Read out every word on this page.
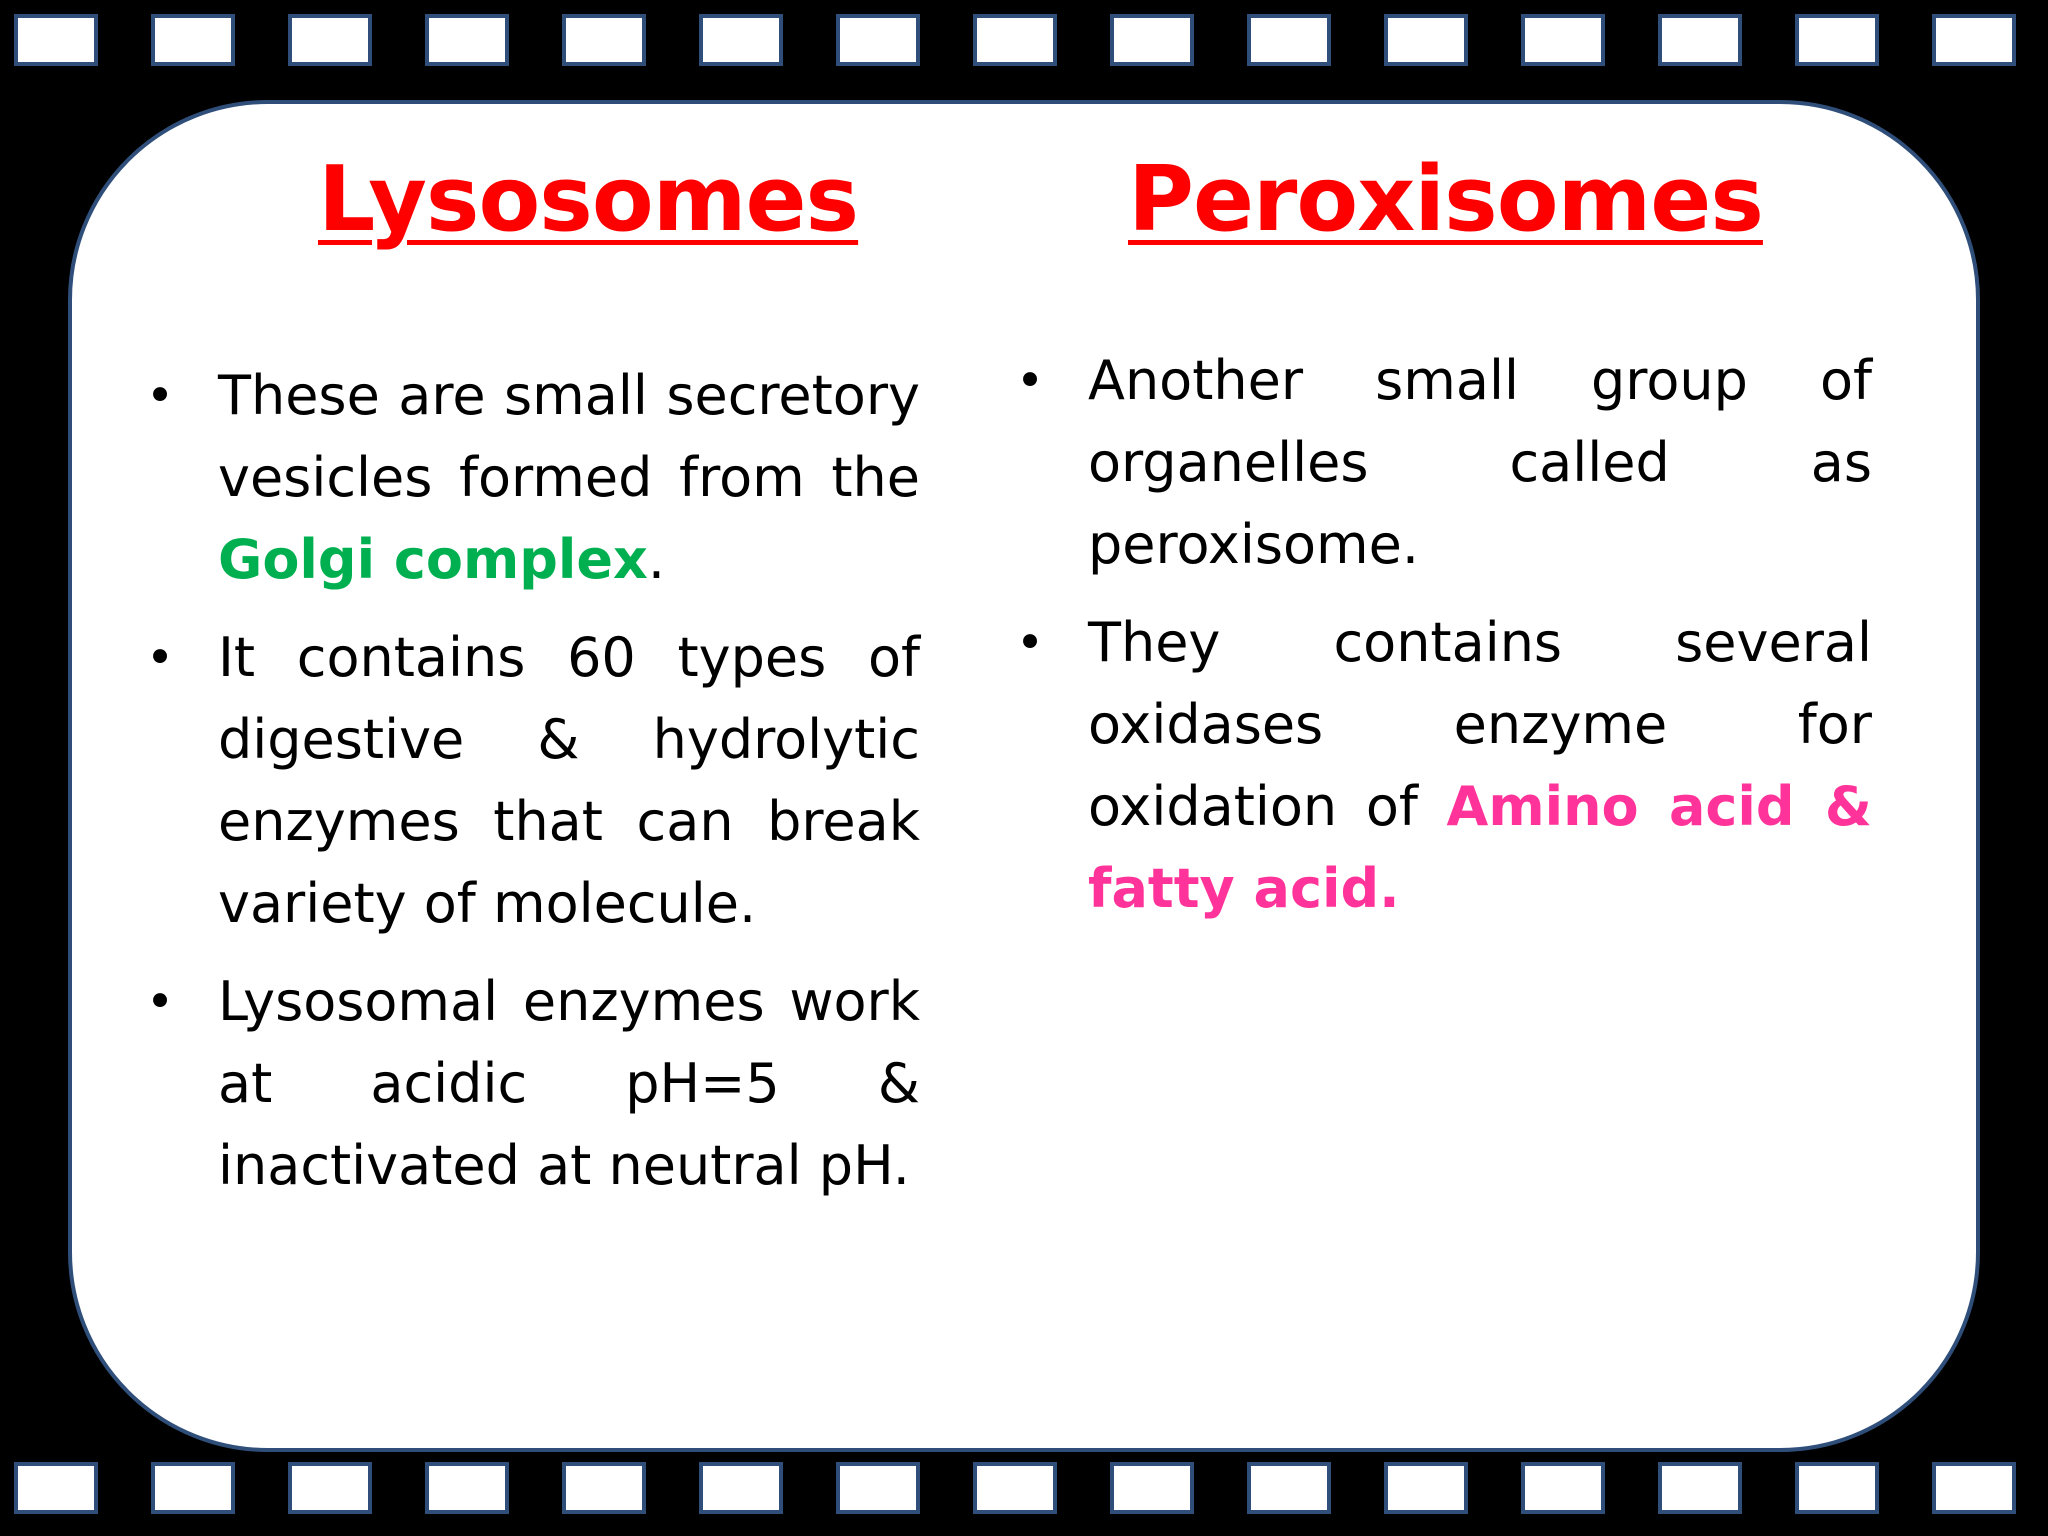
Lysosomes	Peroxisomes
• These are small secretory vesicles formed from the Golgi complex.
• It contains 60 types of digestive & hydrolytic enzymes that can break variety of molecule.
• Lysosomal enzymes work at acidic pH=5 & inactivated at neutral pH.
• Another small group of organelles called as peroxisome.
• They contains several oxidases enzyme for oxidation of Amino acid & fatty acid.
